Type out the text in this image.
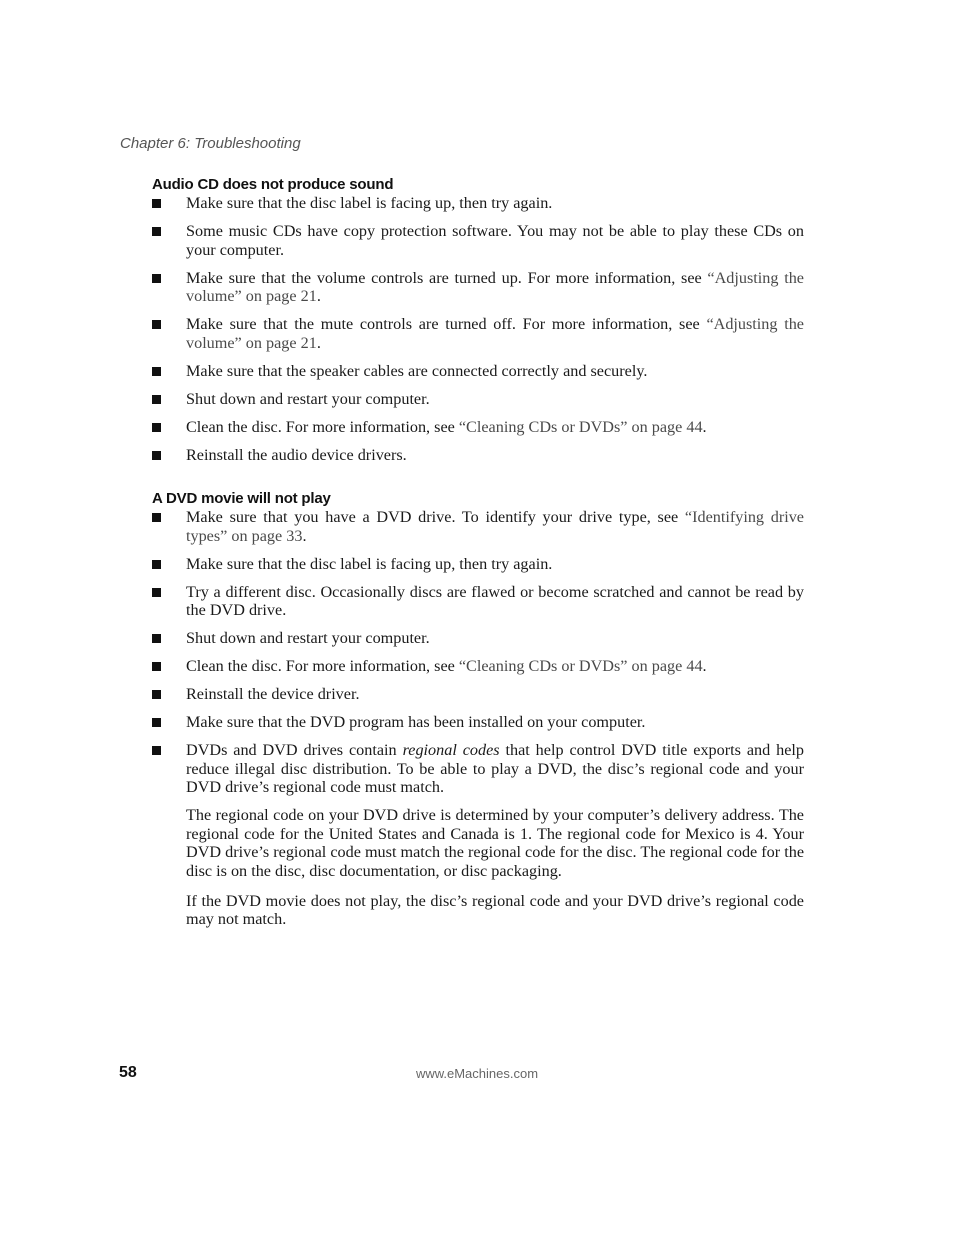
Chapter 6: Troubleshooting
Audio CD does not produce sound
Make sure that the disc label is facing up, then try again.
Some music CDs have copy protection software. You may not be able to play these CDs on your computer.
Make sure that the volume controls are turned up. For more information, see “Adjusting the volume” on page 21.
Make sure that the mute controls are turned off. For more information, see “Adjusting the volume” on page 21.
Make sure that the speaker cables are connected correctly and securely.
Shut down and restart your computer.
Clean the disc. For more information, see “Cleaning CDs or DVDs” on page 44.
Reinstall the audio device drivers.
A DVD movie will not play
Make sure that you have a DVD drive. To identify your drive type, see “Identifying drive types” on page 33.
Make sure that the disc label is facing up, then try again.
Try a different disc. Occasionally discs are flawed or become scratched and cannot be read by the DVD drive.
Shut down and restart your computer.
Clean the disc. For more information, see “Cleaning CDs or DVDs” on page 44.
Reinstall the device driver.
Make sure that the DVD program has been installed on your computer.
DVDs and DVD drives contain regional codes that help control DVD title exports and help reduce illegal disc distribution. To be able to play a DVD, the disc’s regional code and your DVD drive’s regional code must match.

The regional code on your DVD drive is determined by your computer’s delivery address. The regional code for the United States and Canada is 1. The regional code for Mexico is 4. Your DVD drive’s regional code must match the regional code for the disc. The regional code for the disc is on the disc, disc documentation, or disc packaging.

If the DVD movie does not play, the disc’s regional code and your DVD drive’s regional code may not match.

58	www.eMachines.com
